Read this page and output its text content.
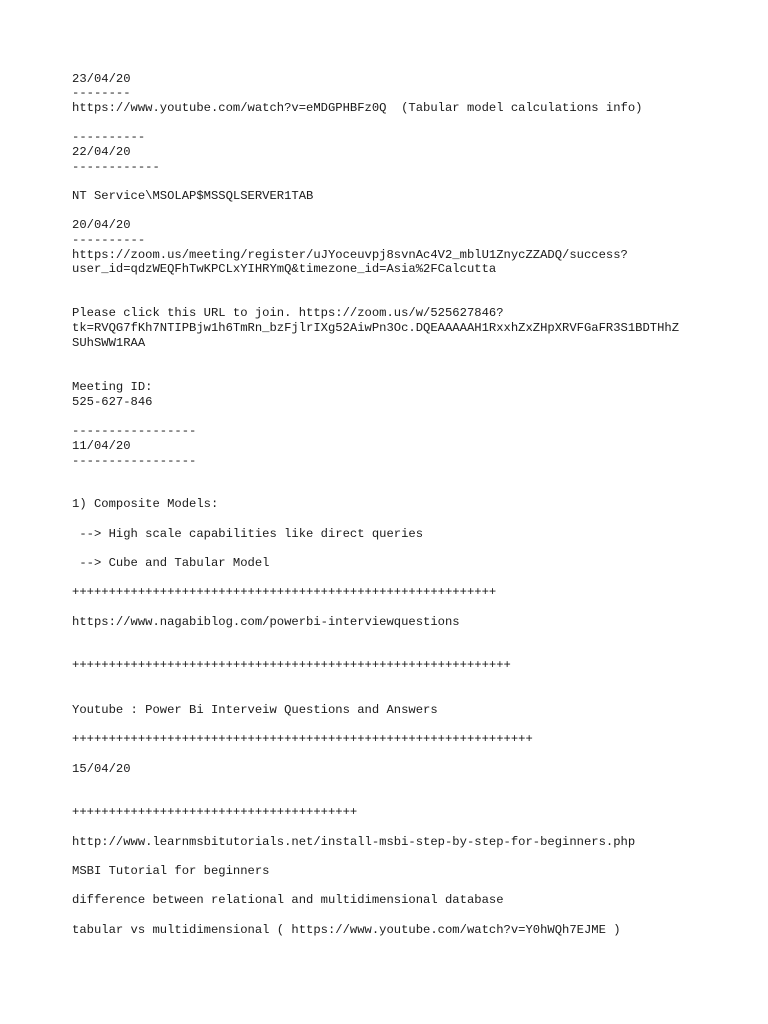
23/04/20

--------

https://www.youtube.com/watch?v=eMDGPHBFz0Q  (Tabular model calculations info)

----------

22/04/20

------------

NT Service\MSOLAP$MSSQLSERVER1TAB

20/04/20

----------

https://zoom.us/meeting/register/uJYoceuvpj8svnAc4V2_mblU1ZnycZZADQ/success?

user_id=qdzWEQFhTwKPCLxYIHRYmQ&timezone_id=Asia%2FCalcutta

Please click this URL to join. https://zoom.us/w/525627846?

tk=RVQG7fKh7NTIPBjw1h6TmRn_bzFjlrIXg52AiwPn3Oc.DQEAAAAAH1RxxhZxZHpXRVFGaFR3S1BDTHhZ

SUhSWW1RAA

Meeting ID:

525-627-846

-----------------

11/04/20

-----------------

1) Composite Models:

--> High scale capabilities like direct queries

--> Cube and Tabular Model

++++++++++++++++++++++++++++++++++++++++++++++++++++++++++

https://www.nagabiblog.com/powerbi-interviewquestions

++++++++++++++++++++++++++++++++++++++++++++++++++++++++++++

Youtube : Power Bi Interveiw Questions and Answers

+++++++++++++++++++++++++++++++++++++++++++++++++++++++++++++++

15/04/20

+++++++++++++++++++++++++++++++++++++++

http://www.learnmsbitutorials.net/install-msbi-step-by-step-for-beginners.php

MSBI Tutorial for beginners

difference between relational and multidimensional database

tabular vs multidimensional ( https://www.youtube.com/watch?v=Y0hWQh7EJME )
